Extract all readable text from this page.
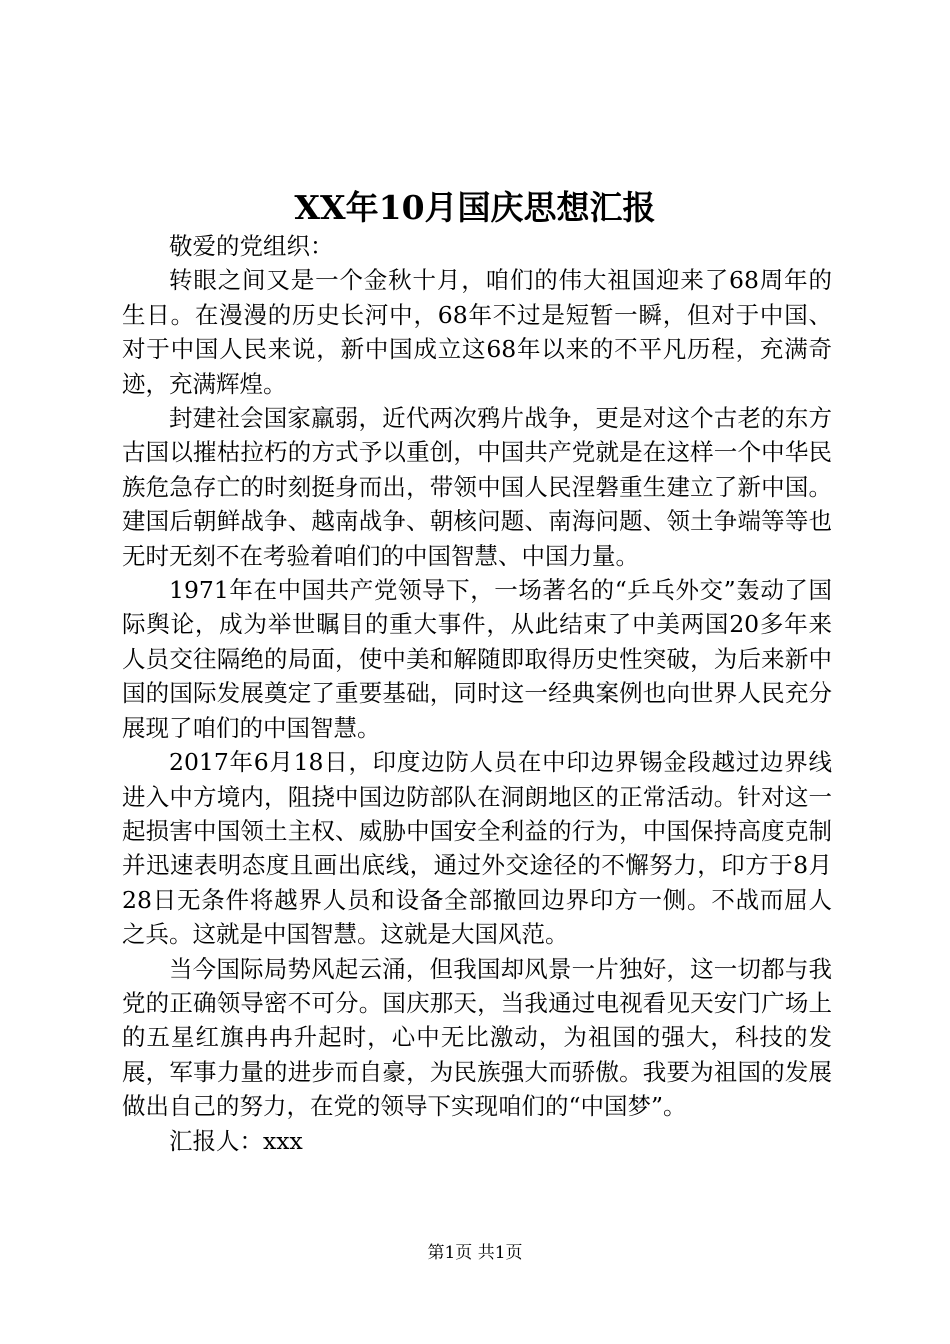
XX年10月国庆思想汇报

敬爱的党组织：

转眼之间又是一个金秋十月，咱们的伟大祖国迎来了68周年的生日。在漫漫的历史长河中，68年不过是短暂一瞬，但对于中国、对于中国人民来说，新中国成立这68年以来的不平凡历程，充满奇迹，充满辉煌。

封建社会国家羸弱，近代两次鸦片战争，更是对这个古老的东方古国以摧枯拉朽的方式予以重创，中国共产党就是在这样一个中华民族危急存亡的时刻挺身而出，带领中国人民涅磐重生建立了新中国。建国后朝鲜战争、越南战争、朝核问题、南海问题、领土争端等等也无时无刻不在考验着咱们的中国智慧、中国力量。

1971年在中国共产党领导下，一场著名的“乒乓外交”轰动了国际舆论，成为举世瞩目的重大事件，从此结束了中美两国20多年来人员交往隔绝的局面，使中美和解随即取得历史性突破，为后来新中国的国际发展奠定了重要基础，同时这一经典案例也向世界人民充分展现了咱们的中国智慧。

2017年6月18日，印度边防人员在中印边界锡金段越过边界线进入中方境内，阻挠中国边防部队在洞朗地区的正常活动。针对这一起损害中国领土主权、威胁中国安全利益的行为，中国保持高度克制并迅速表明态度且画出底线，通过外交途径的不懈努力，印方于8月28日无条件将越界人员和设备全部撤回边界印方一侧。不战而屈人之兵。这就是中国智慧。这就是大国风范。

当今国际局势风起云涌，但我国却风景一片独好，这一切都与我党的正确领导密不可分。国庆那天，当我通过电视看见天安门广场上的五星红旗冉冉升起时，心中无比激动，为祖国的强大，科技的发展，军事力量的进步而自豪，为民族强大而骄傲。我要为祖国的发展做出自己的努力，在党的领导下实现咱们的“中国梦”。

汇报人：xxx

第1页 共1页
